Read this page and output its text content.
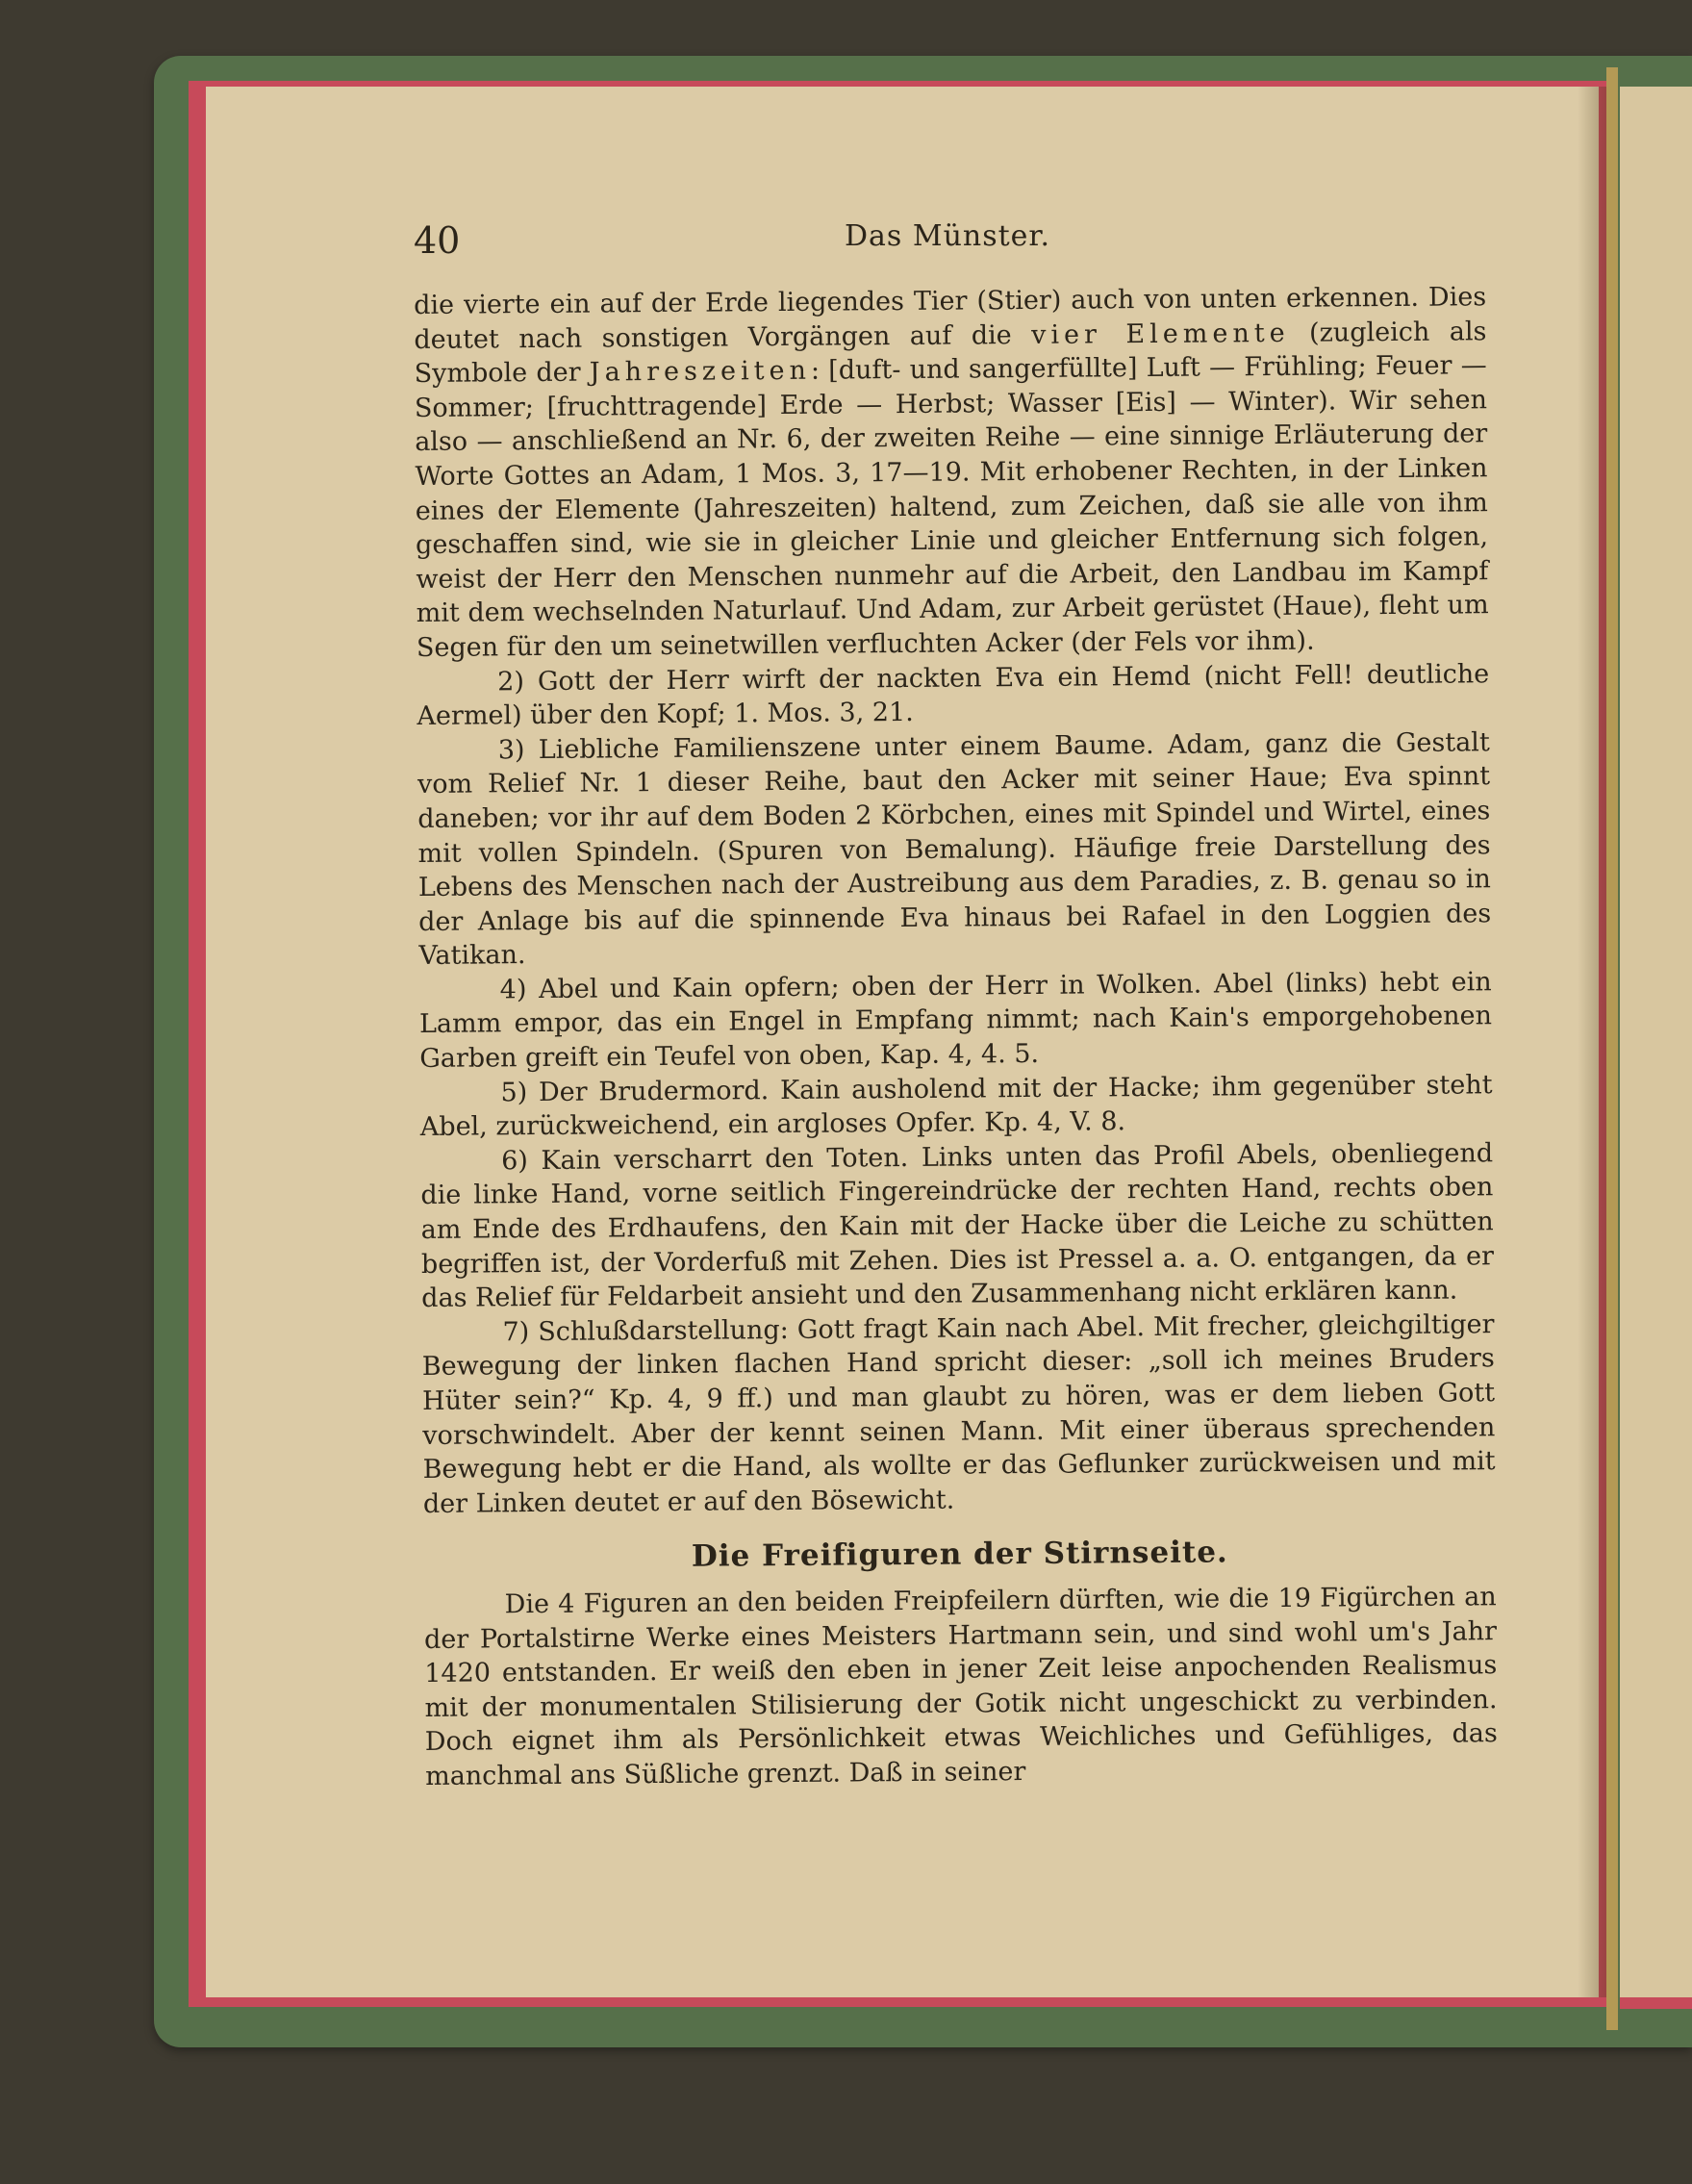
40	Das Münster.

die vierte ein auf der Erde liegendes Tier (Stier) auch von unten erkennen. Dies deutet nach sonstigen Vorgängen auf die vier Elemente (zugleich als Symbole der Jahreszeiten: [duft- und sangerfüllte] Luft — Frühling; Feuer — Sommer; [fruchttragende] Erde — Herbst; Wasser [Eis] — Winter). Wir sehen also — anschließend an Nr. 6, der zweiten Reihe — eine sinnige Erläuterung der Worte Gottes an Adam, 1 Mos. 3, 17—19. Mit erhobener Rechten, in der Linken eines der Elemente (Jahreszeiten) haltend, zum Zeichen, daß sie alle von ihm geschaffen sind, wie sie in gleicher Linie und gleicher Entfernung sich folgen, weist der Herr den Menschen nunmehr auf die Arbeit, den Landbau im Kampf mit dem wechselnden Naturlauf. Und Adam, zur Arbeit gerüstet (Haue), fleht um Segen für den um seinetwillen verfluchten Acker (der Fels vor ihm).

2) Gott der Herr wirft der nackten Eva ein Hemd (nicht Fell! deutliche Aermel) über den Kopf; 1. Mos. 3, 21.

3) Liebliche Familienszene unter einem Baume. Adam, ganz die Gestalt vom Relief Nr. 1 dieser Reihe, baut den Acker mit seiner Haue; Eva spinnt daneben; vor ihr auf dem Boden 2 Körbchen, eines mit Spindel und Wirtel, eines mit vollen Spindeln. (Spuren von Bemalung). Häufige freie Darstellung des Lebens des Menschen nach der Austreibung aus dem Paradies, z. B. genau so in der Anlage bis auf die spinnende Eva hinaus bei Rafael in den Loggien des Vatikan.

4) Abel und Kain opfern; oben der Herr in Wolken. Abel (links) hebt ein Lamm empor, das ein Engel in Empfang nimmt; nach Kain's emporgehobenen Garben greift ein Teufel von oben, Kap. 4, 4. 5.

5) Der Brudermord. Kain ausholend mit der Hacke; ihm gegenüber steht Abel, zurückweichend, ein argloses Opfer. Kp. 4, V. 8.

6) Kain verscharrt den Toten. Links unten das Profil Abels, obenliegend die linke Hand, vorne seitlich Fingereindrücke der rechten Hand, rechts oben am Ende des Erdhaufens, den Kain mit der Hacke über die Leiche zu schütten begriffen ist, der Vorderfuß mit Zehen. Dies ist Pressel a. a. O. entgangen, da er das Relief für Feldarbeit ansieht und den Zusammenhang nicht erklären kann.

7) Schlußdarstellung: Gott fragt Kain nach Abel. Mit frecher, gleichgiltiger Bewegung der linken flachen Hand spricht dieser: „soll ich meines Bruders Hüter sein?“ Kp. 4, 9 ff.) und man glaubt zu hören, was er dem lieben Gott vorschwindelt. Aber der kennt seinen Mann. Mit einer überaus sprechenden Bewegung hebt er die Hand, als wollte er das Geflunker zurückweisen und mit der Linken deutet er auf den Bösewicht.

Die Freifiguren der Stirnseite.

Die 4 Figuren an den beiden Freipfeilern dürften, wie die 19 Figürchen an der Portalstirne Werke eines Meisters Hartmann sein, und sind wohl um's Jahr 1420 entstanden. Er weiß den eben in jener Zeit leise anpochenden Realismus mit der monumentalen Stilisierung der Gotik nicht ungeschickt zu verbinden. Doch eignet ihm als Persönlichkeit etwas Weichliches und Gefühliges, das manchmal ans Süßliche grenzt. Daß in seiner
